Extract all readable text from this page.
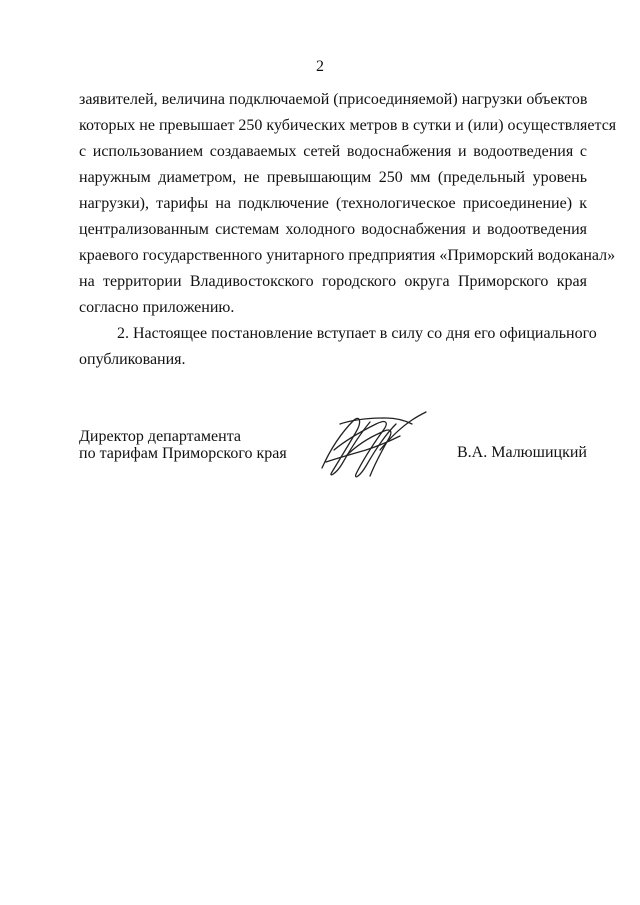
2
заявителей, величина подключаемой (присоединяемой) нагрузки объектов
которых не превышает 250 кубических метров в сутки и (или) осуществляется
с использованием создаваемых сетей водоснабжения и водоотведения с
наружным диаметром, не превышающим 250 мм (предельный уровень
нагрузки), тарифы на подключение (технологическое присоединение) к
централизованным системам холодного водоснабжения и водоотведения
краевого государственного унитарного предприятия «Приморский водоканал»
на территории Владивостокского городского округа Приморского края
согласно приложению.
2. Настоящее постановление вступает в силу со дня его официального
опубликования.
Директор департамента
по тарифам Приморского края	В.А. Малюшицкий
